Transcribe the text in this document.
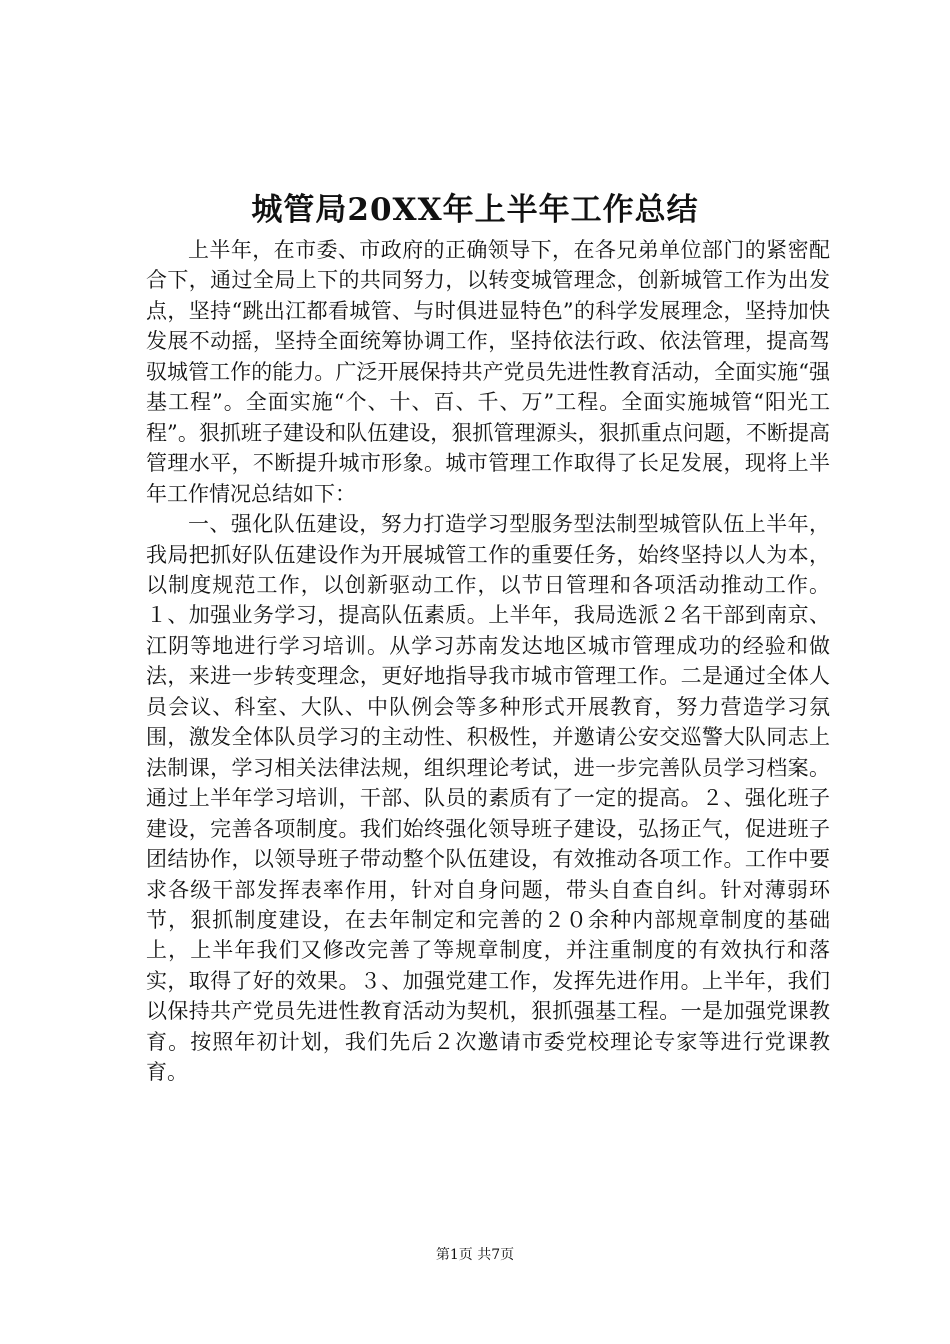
城管局20XX年上半年工作总结

上半年，在市委、市政府的正确领导下，在各兄弟单位部门的紧密配合下，通过全局上下的共同努力，以转变城管理念，创新城管工作为出发点，坚持“跳出江都看城管、与时俱进显特色”的科学发展理念，坚持加快发展不动摇，坚持全面统筹协调工作，坚持依法行政、依法管理，提高驾驭城管工作的能力。广泛开展保持共产党员先进性教育活动，全面实施“强基工程”。全面实施“个、十、百、千、万”工程。全面实施城管“阳光工程”。狠抓班子建设和队伍建设，狠抓管理源头，狠抓重点问题，不断提高管理水平，不断提升城市形象。城市管理工作取得了长足发展，现将上半年工作情况总结如下：

一、强化队伍建设，努力打造学习型服务型法制型城管队伍上半年，我局把抓好队伍建设作为开展城管工作的重要任务，始终坚持以人为本，以制度规范工作，以创新驱动工作，以节日管理和各项活动推动工作。１、加强业务学习，提高队伍素质。上半年，我局选派２名干部到南京、江阴等地进行学习培训。从学习苏南发达地区城市管理成功的经验和做法，来进一步转变理念，更好地指导我市城市管理工作。二是通过全体人员会议、科室、大队、中队例会等多种形式开展教育，努力营造学习氛围，激发全体队员学习的主动性、积极性，并邀请公安交巡警大队同志上法制课，学习相关法律法规，组织理论考试，进一步完善队员学习档案。通过上半年学习培训，干部、队员的素质有了一定的提高。２、强化班子建设，完善各项制度。我们始终强化领导班子建设，弘扬正气，促进班子团结协作，以领导班子带动整个队伍建设，有效推动各项工作。工作中要求各级干部发挥表率作用，针对自身问题，带头自查自纠。针对薄弱环节，狠抓制度建设，在去年制定和完善的２０余种内部规章制度的基础上，上半年我们又修改完善了等规章制度，并注重制度的有效执行和落实，取得了好的效果。３、加强党建工作，发挥先进作用。上半年，我们以保持共产党员先进性教育活动为契机，狠抓强基工程。一是加强党课教育。按照年初计划，我们先后２次邀请市委党校理论专家等进行党课教育。

第1页 共7页
